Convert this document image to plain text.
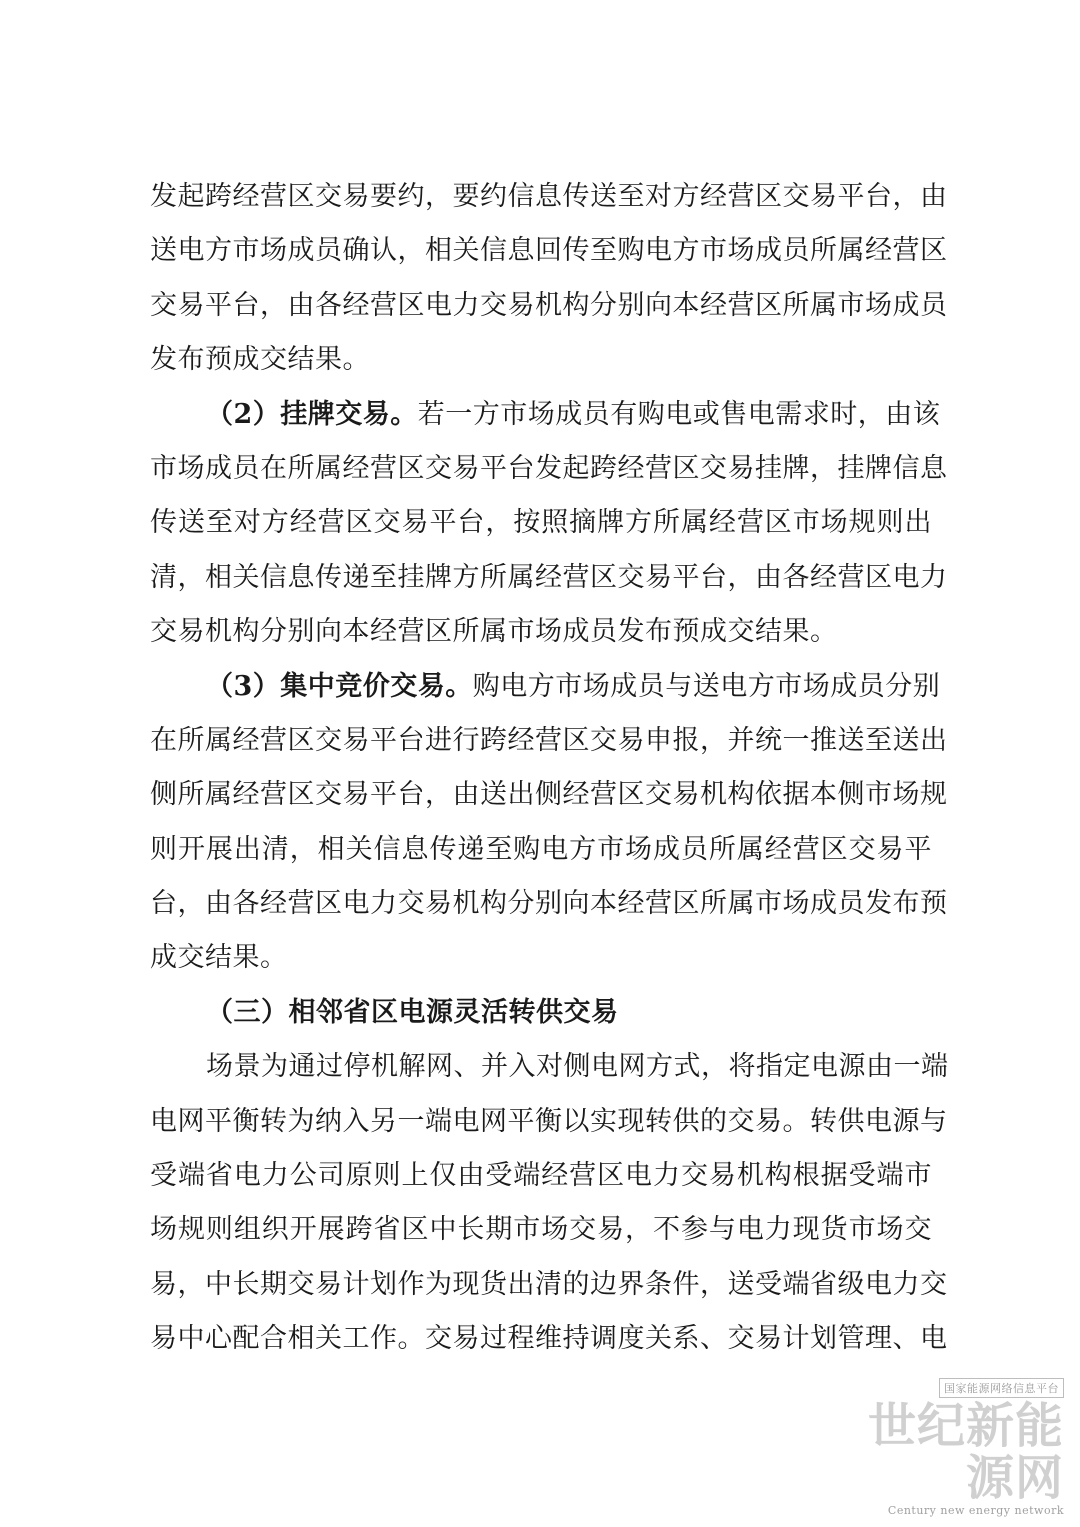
发起跨经营区交易要约，要约信息传送至对方经营区交易平台，由
送电方市场成员确认，相关信息回传至购电方市场成员所属经营区
交易平台，由各经营区电力交易机构分别向本经营区所属市场成员
发布预成交结果。
（2）挂牌交易。若一方市场成员有购电或售电需求时，由该
市场成员在所属经营区交易平台发起跨经营区交易挂牌，挂牌信息
传送至对方经营区交易平台，按照摘牌方所属经营区市场规则出
清，相关信息传递至挂牌方所属经营区交易平台，由各经营区电力
交易机构分别向本经营区所属市场成员发布预成交结果。
（3）集中竞价交易。购电方市场成员与送电方市场成员分别
在所属经营区交易平台进行跨经营区交易申报，并统一推送至送出
侧所属经营区交易平台，由送出侧经营区交易机构依据本侧市场规
则开展出清，相关信息传递至购电方市场成员所属经营区交易平
台，由各经营区电力交易机构分别向本经营区所属市场成员发布预
成交结果。
（三）相邻省区电源灵活转供交易
场景为通过停机解网、并入对侧电网方式，将指定电源由一端
电网平衡转为纳入另一端电网平衡以实现转供的交易。转供电源与
受端省电力公司原则上仅由受端经营区电力交易机构根据受端市
场规则组织开展跨省区中长期市场交易，不参与电力现货市场交
易，中长期交易计划作为现货出清的边界条件，送受端省级电力交
易中心配合相关工作。交易过程维持调度关系、交易计划管理、电
国家能源网络信息平台
世纪新能源网
Century new energy network
